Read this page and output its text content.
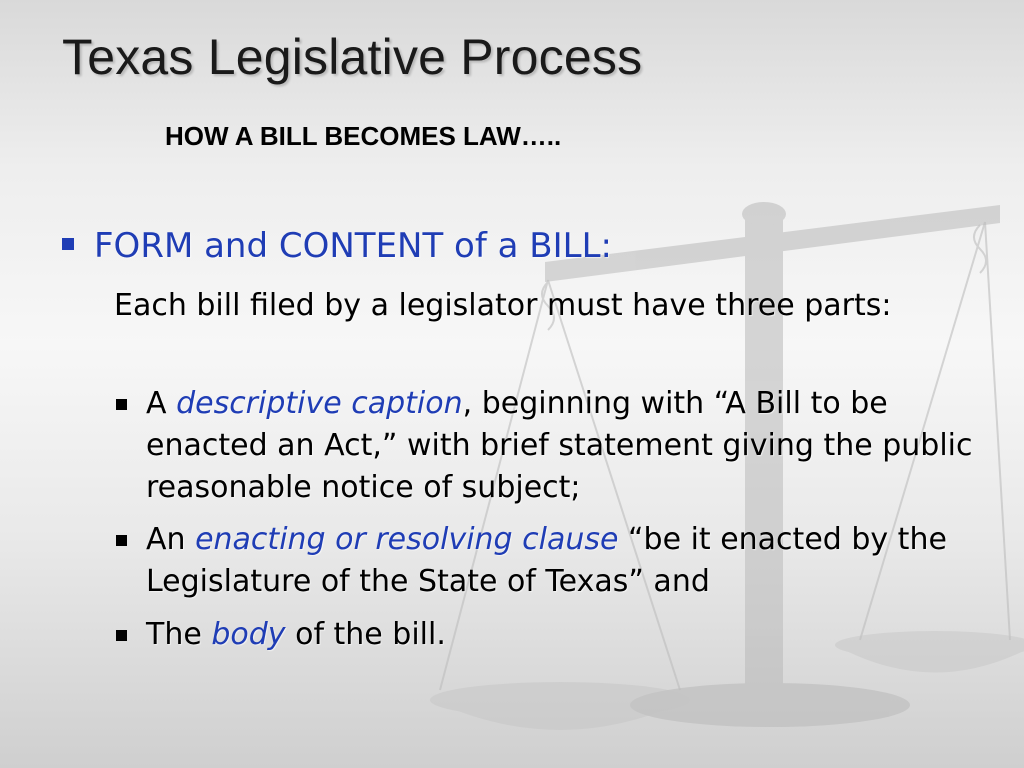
Texas Legislative Process
HOW A BILL BECOMES LAW…..
FORM and CONTENT of a BILL:
Each bill filed by a legislator must have three parts:
A descriptive caption, beginning with “A Bill to be enacted an Act,” with brief statement giving the public reasonable notice of subject;
An enacting or resolving clause “be it enacted by the Legislature of the State of Texas” and
The body of the bill.
